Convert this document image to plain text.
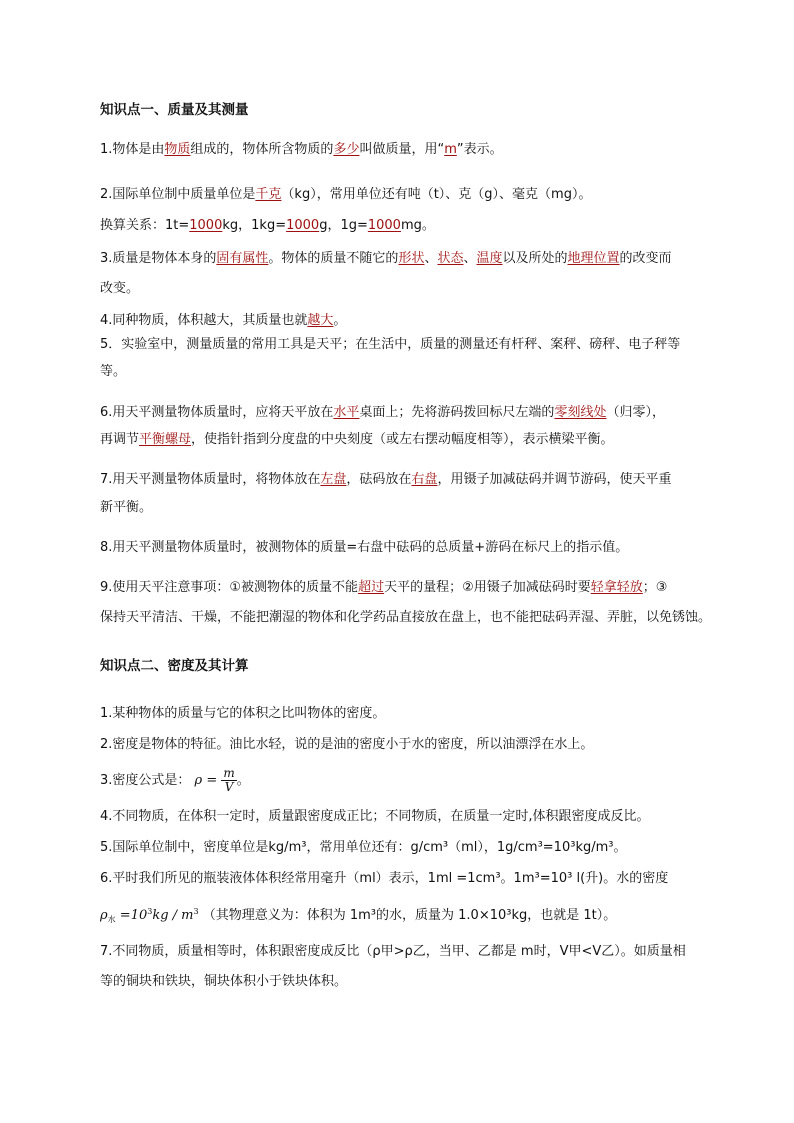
知识点一、质量及其测量
1.物体是由物质组成的，物体所含物质的多少叫做质量，用“m”表示。
2.国际单位制中质量单位是千克（kg），常用单位还有吨（t）、克（g）、毫克（mg）。
换算关系：1t=1000kg，1kg=1000g，1g=1000mg。
3.质量是物体本身的固有属性。物体的质量不随它的形状、状态、温度以及所处的地理位置的改变而
改变。
4.同种物质，体积越大，其质量也就越大。
5．实验室中，测量质量的常用工具是天平；在生活中，质量的测量还有杆秤、案秤、磅秤、电子秤等
等。
6.用天平测量物体质量时，应将天平放在水平桌面上；先将游码拨回标尺左端的零刻线处（归零），
再调节平衡螺母，使指针指到分度盘的中央刻度（或左右摆动幅度相等），表示横梁平衡。
7.用天平测量物体质量时，将物体放在左盘，砝码放在右盘，用镊子加减砝码并调节游码，使天平重
新平衡。
8.用天平测量物体质量时，被测物体的质量=右盘中砝码的总质量+游码在标尺上的指示值。
9.使用天平注意事项：①被测物体的质量不能超过天平的量程；②用镊子加减砝码时要轻拿轻放；③
保持天平清洁、干燥，不能把潮湿的物体和化学药品直接放在盘上，也不能把砝码弄湿、弄脏，以免锈蚀。
知识点二、密度及其计算
1.某种物体的质量与它的体积之比叫物体的密度。
2.密度是物体的特征。油比水轻，说的是油的密度小于水的密度，所以油漂浮在水上。
3.密度公式是： $\rho = \frac{m}{V}$ 。
4.不同物质，在体积一定时，质量跟密度成正比；不同物质，在质量一定时,体积跟密度成反比。
5.国际单位制中，密度单位是kg/m³，常用单位还有：g/cm³（ml），1g/cm³=10³kg/m³。
6.平时我们所见的瓶装液体体积经常用毫升（ml）表示，1ml =1cm³。1m³=10³ l(升)。水的密度
$\rho_水 =10^3kg / m^3$ （其物理意义为：体积为 1m³的水，质量为 1.0×10³kg，也就是 1t）。
7.不同物质，质量相等时，体积跟密度成反比（ρ甲>ρ乙，当甲、乙都是 m时，V甲<V乙）。如质量相
等的铜块和铁块，铜块体积小于铁块体积。
